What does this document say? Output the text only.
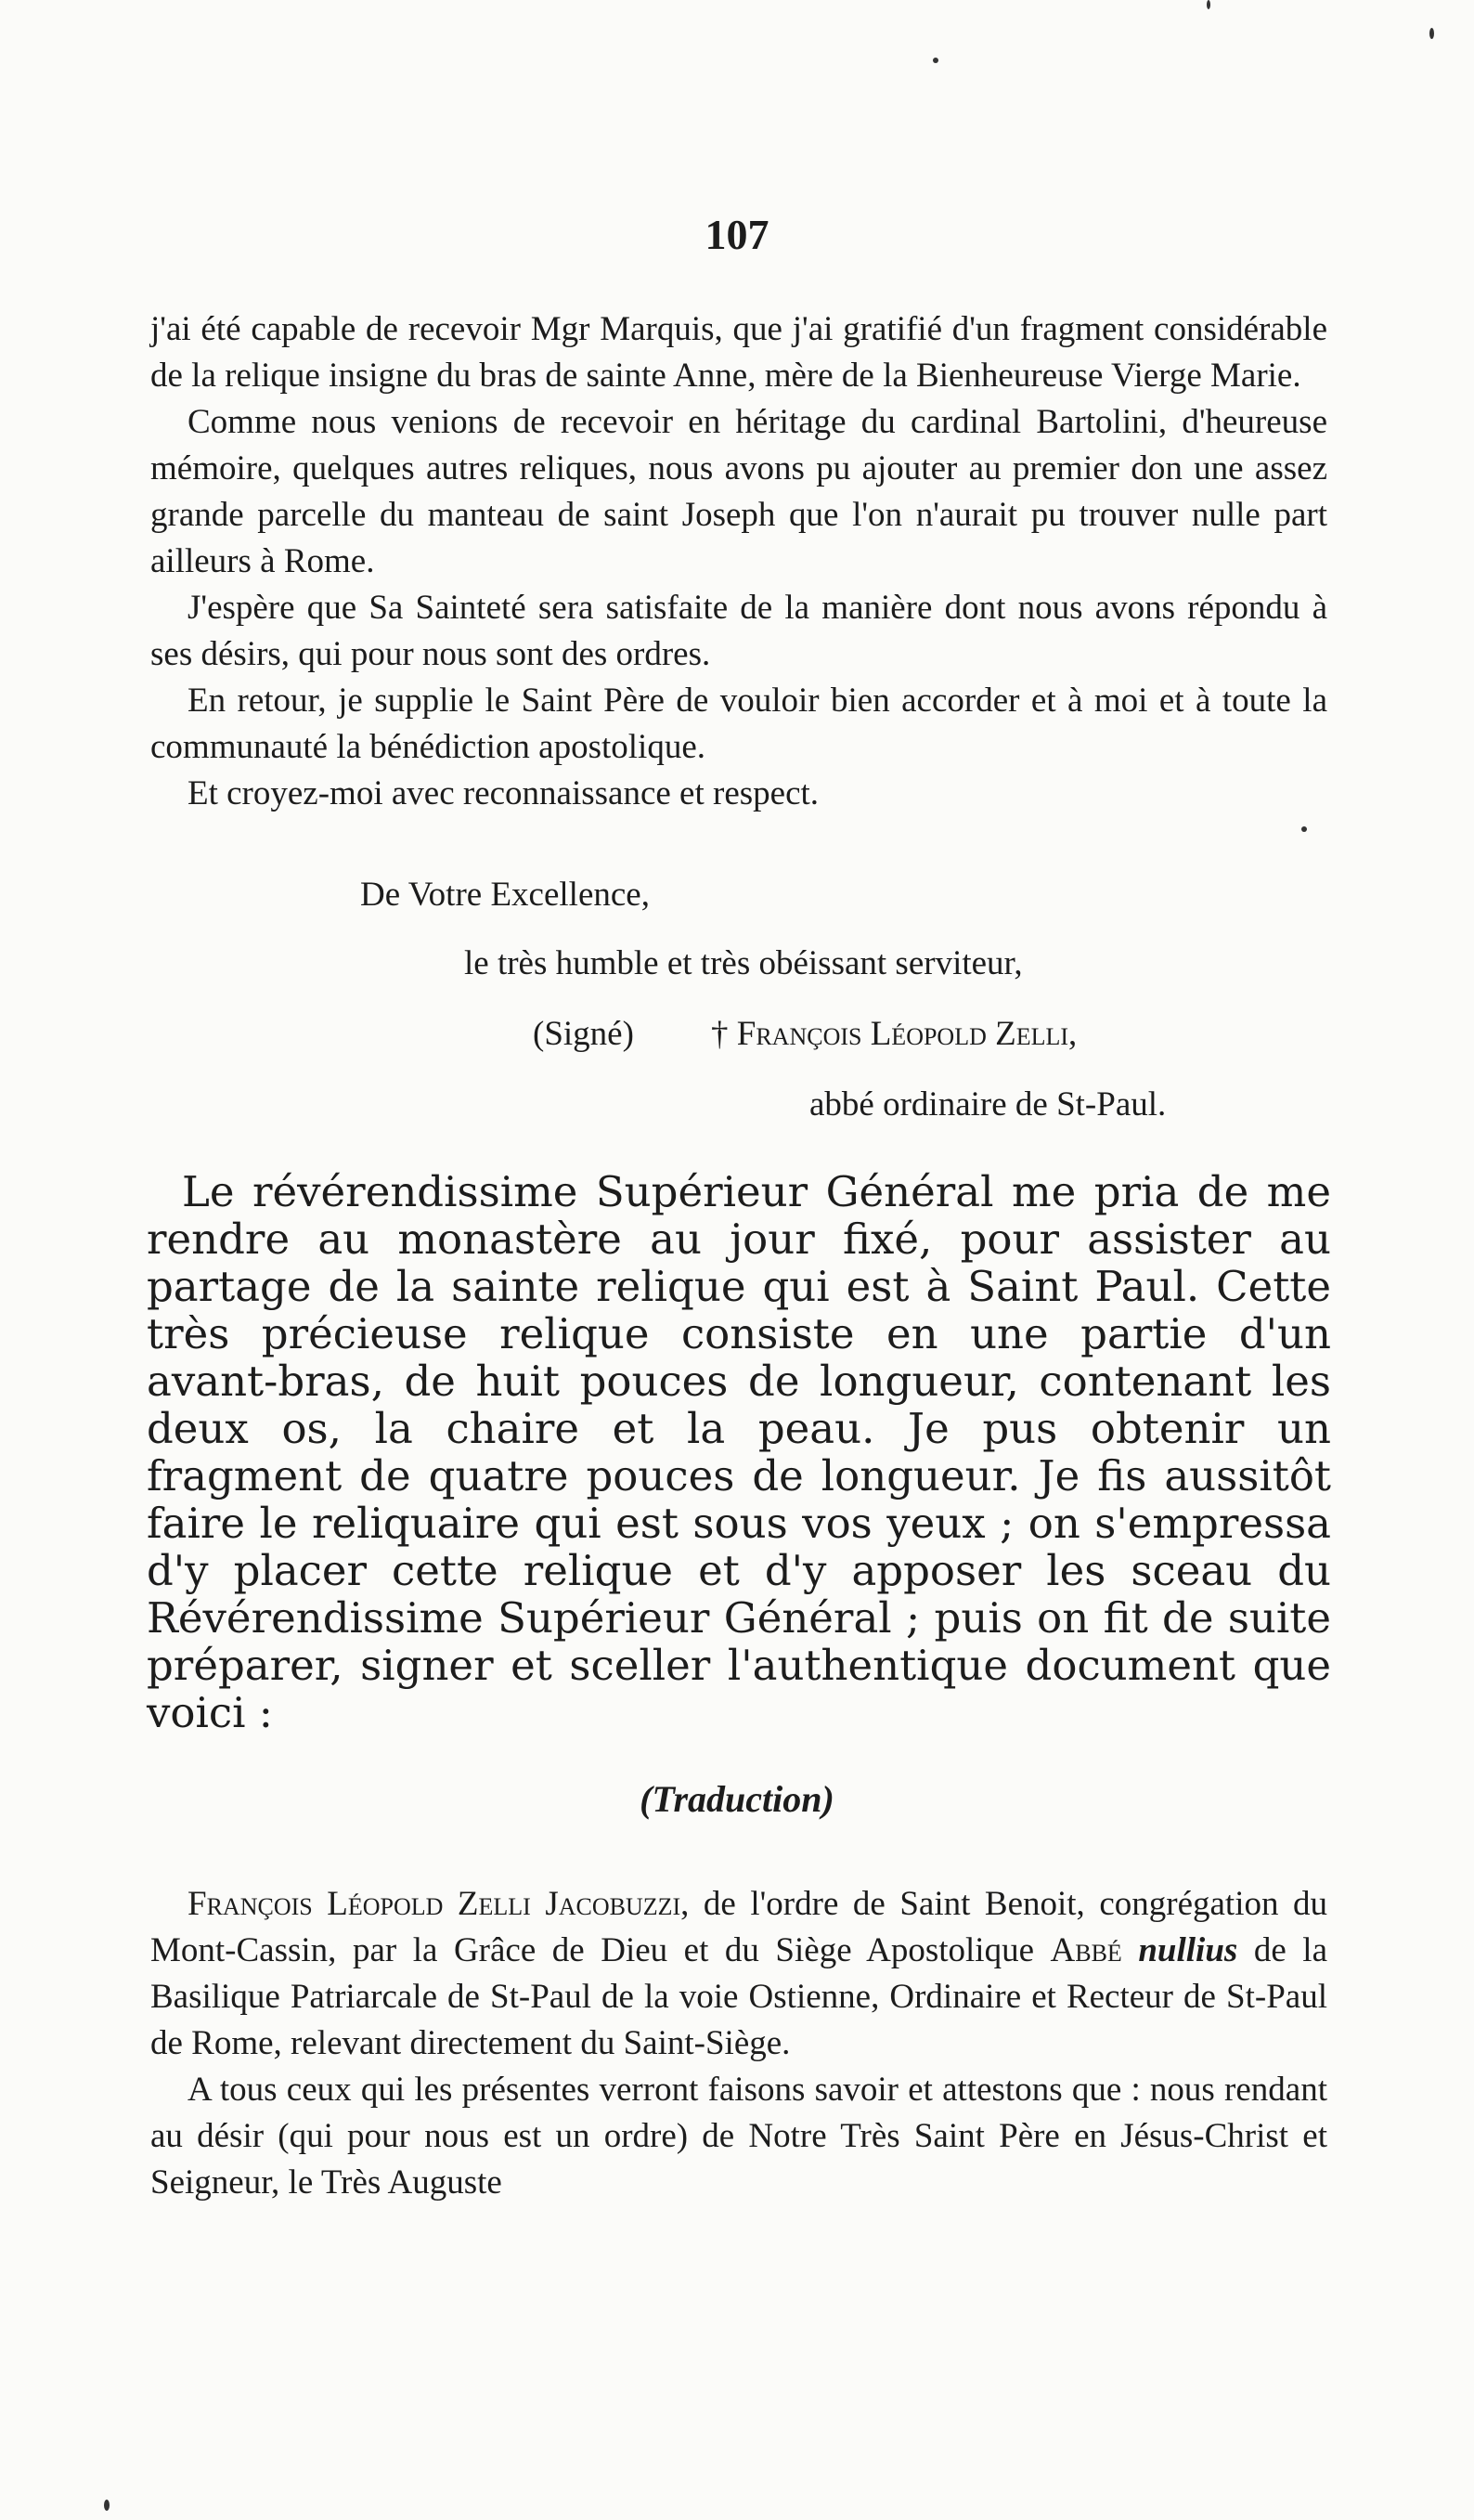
107

j'ai été capable de recevoir Mgr Marquis, que j'ai gratifié d'un fragment considérable de la relique insigne du bras de sainte Anne, mère de la Bienheureuse Vierge Marie.

Comme nous venions de recevoir en héritage du cardinal Bartolini, d'heureuse mémoire, quelques autres reliques, nous avons pu ajouter au premier don une assez grande parcelle du manteau de saint Joseph que l'on n'aurait pu trouver nulle part ailleurs à Rome.

J'espère que Sa Sainteté sera satisfaite de la manière dont nous avons répondu à ses désirs, qui pour nous sont des ordres.

En retour, je supplie le Saint Père de vouloir bien accorder et à moi et à toute la communauté la bénédiction apostolique.

Et croyez-moi avec reconnaissance et respect.

De Votre Excellence,
le très humble et très obéissant serviteur,
(Signé) † François Léopold Zelli,
abbé ordinaire de St-Paul.

Le révérendissime Supérieur Général me pria de me rendre au monastère au jour fixé, pour assister au partage de la sainte relique qui est à Saint Paul. Cette très précieuse relique consiste en une partie d'un avant-bras, de huit pouces de longueur, contenant les deux os, la chaire et la peau. Je pus obtenir un fragment de quatre pouces de longueur. Je fis aussitôt faire le reliquaire qui est sous vos yeux ; on s'empressa d'y placer cette relique et d'y apposer les sceau du Révérendissime Supérieur Général ; puis on fit de suite préparer, signer et sceller l'authentique document que voici :

(Traduction)

François Léopold Zelli Jacobuzzi, de l'ordre de Saint Benoit, congrégation du Mont-Cassin, par la Grâce de Dieu et du Siège Apostolique Abbé nullius de la Basilique Patriarcale de St-Paul de la voie Ostienne, Ordinaire et Recteur de St-Paul de Rome, relevant directement du Saint-Siège.

A tous ceux qui les présentes verront faisons savoir et attestons que : nous rendant au désir (qui pour nous est un ordre) de Notre Très Saint Père en Jésus-Christ et Seigneur, le Très Auguste
